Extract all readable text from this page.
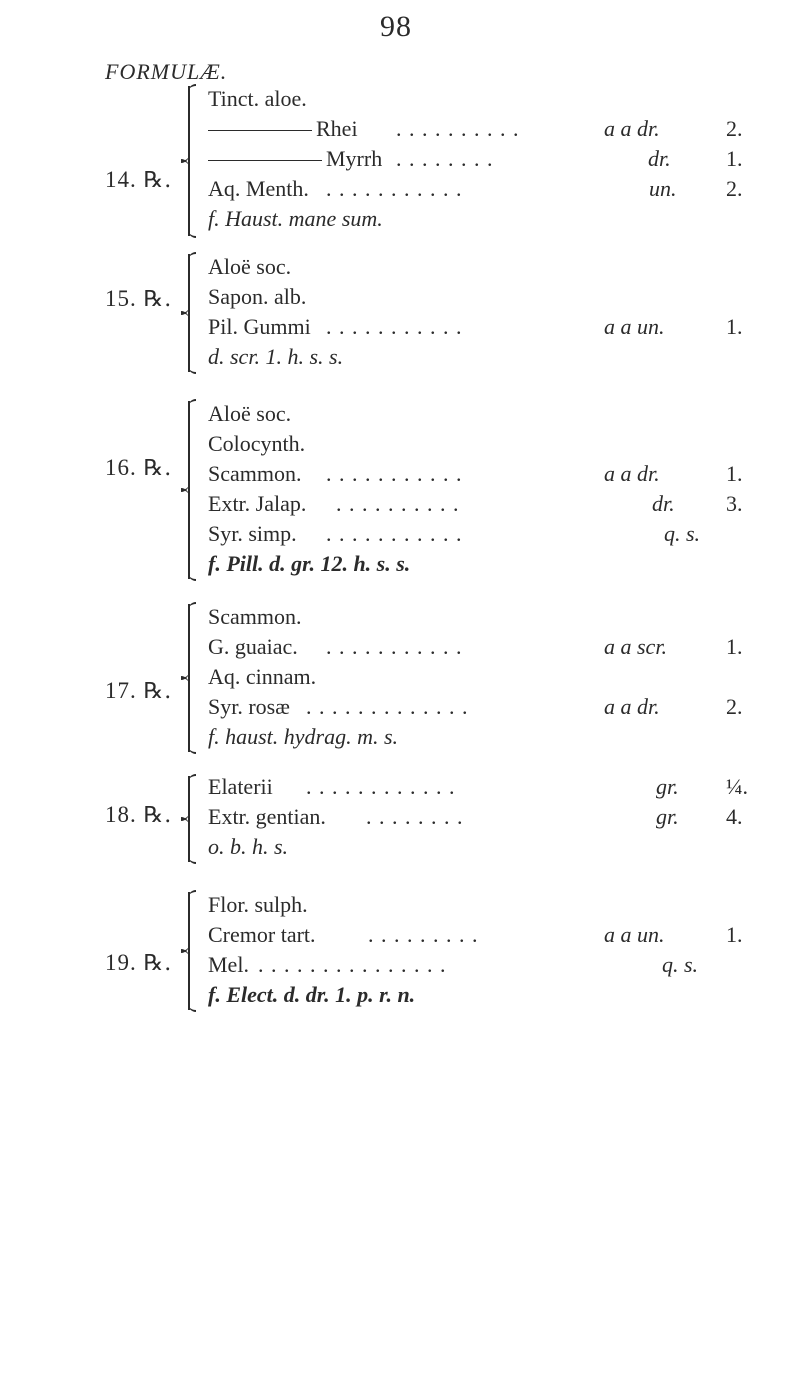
98
FORMULÆ.
14. ℞.
Tinct. aloe.
Rhei . . . . . . . . . .	a a dr.	2.
Myrrh . . . . . . . .	dr.	1.
Aq. Menth. . . . . . . . . . . .	un. 2.
f. Haust. mane sum.
15. ℞.
Aloë soc.
Sapon. alb.
Pil. Gummi . . . . . . . . . . .	a a un.	1.
d. scr. 1. h. s. s.
16. ℞.
Aloë soc.
Colocynth.
Scammon. . . . . . . . . . . .	a a dr.	1.
Extr. Jalap. . . . . . . . . . .	dr. 3.
Syr. simp. . . . . . . . . . . .	q. s.
f. Pill. d. gr. 12. h. s. s.
17. ℞.
Scammon.
G. guaiac. . . . . . . . . . . .	a a scr.	1.
Aq. cinnam.
Syr. rosæ . . . . . . . . . . . . .	a a dr.	2.
f. haust. hydrag. m. s.
18. ℞.
Elaterii . . . . . . . . . . . .	gr. ¼.
Extr. gentian. . . . . . . . .	gr. 4.
o. b. h. s.
19. ℞.
Flor. sulph.
Cremor tart. . . . . . . . . .	a a un.	1.
Mel. . . . . . . . . . . . . . . .	q. s.
f. Elect. d. dr. 1. p. r. n.
